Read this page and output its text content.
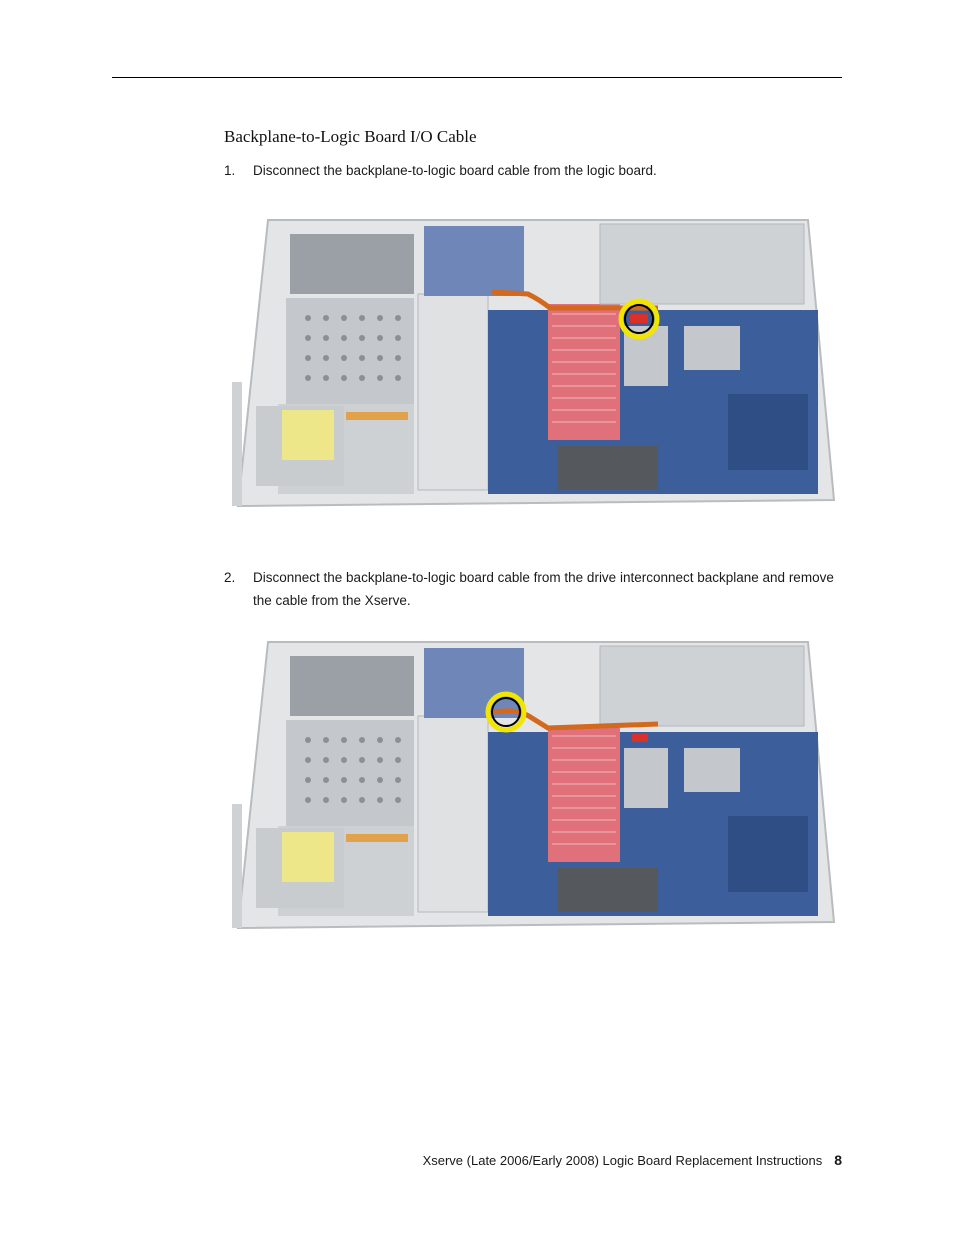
Backplane-to-Logic Board I/O Cable
1. Disconnect the backplane-to-logic board cable from the logic board.
2. Disconnect the backplane-to-logic board cable from the drive interconnect backplane and remove the cable from the Xserve.
Xserve (Late 2006/Early 2008) Logic Board Replacement Instructions 8
